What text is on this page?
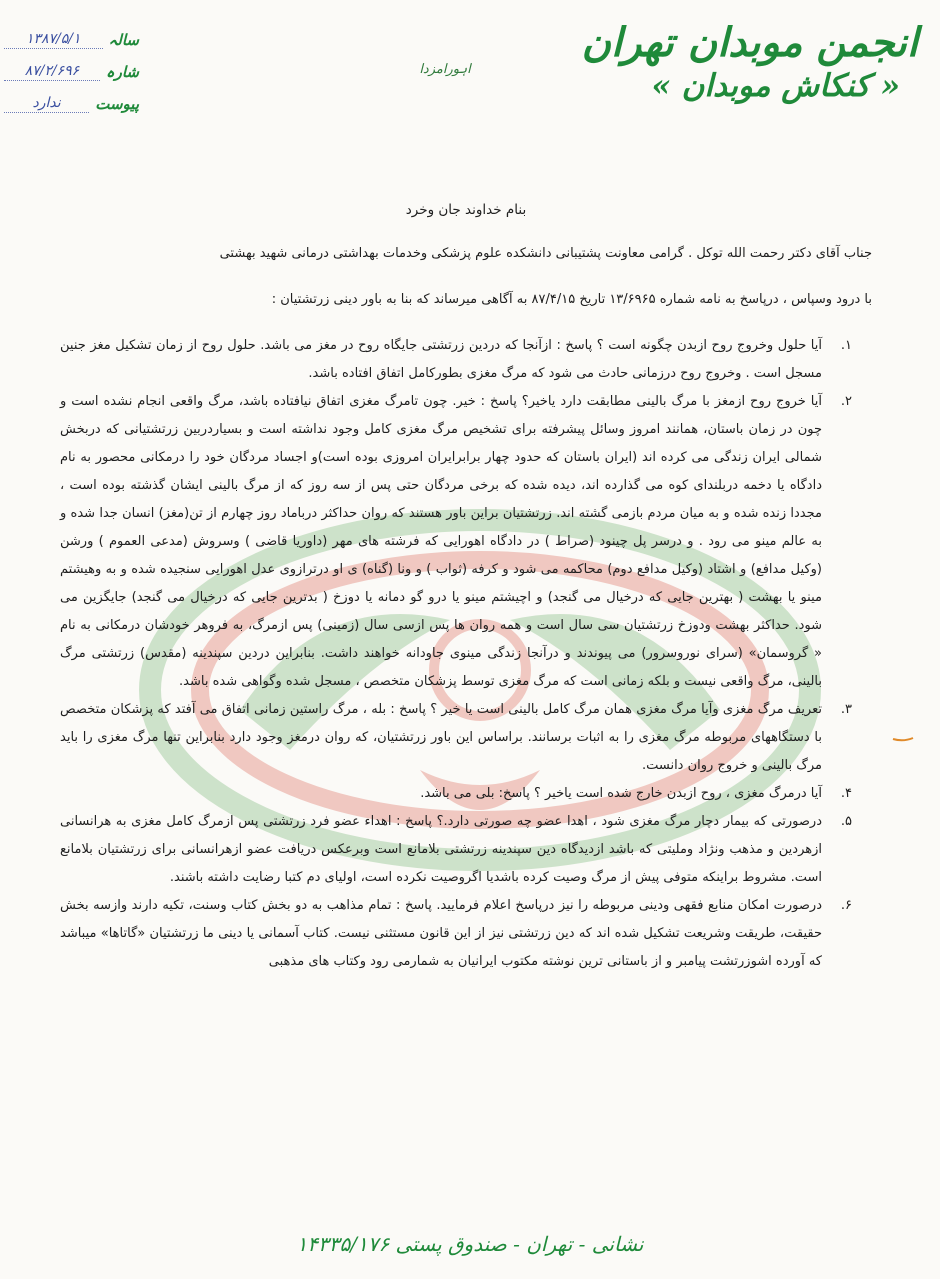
انجمن موبدان تهران
« کنکاش موبدان »
اہورامزدا
سالہ
۱۳۸۷/۵/۱
شارہ
۸۷/۲/۶۹۶
پیوست
ندارد
بنام خداوند جان وخرد
جناب آقای دکتر رحمت الله توکل . گرامی معاونت پشتیبانی دانشکده علوم پزشکی وخدمات بهداشتی درمانی شهید بهشتی
با درود وسپاس ، درپاسخ به نامه شماره ۱۳/۶۹۶۵ تاریخ ۸۷/۴/۱۵ به آگاهی میرساند که بنا به باور دینی زرتشتیان :
۱.
آیا حلول وخروج روح ازبدن چگونه است ؟ پاسخ : ازآنجا که دردین زرتشتی جایگاه روح در مغز می باشد. حلول روح از زمان تشکیل مغز جنین مسجل است . وخروج روح درزمانی حادث می شود که مرگ مغزی بطورکامل اتفاق افتاده باشد.
۲.
آیا خروج روح ازمغز با مرگ بالینی مطابقت دارد یاخیر؟ پاسخ : خیر. چون تامرگ مغزی اتفاق نیافتاده باشد، مرگ واقعی انجام نشده است و چون در زمان باستان، همانند امروز وسائل پیشرفته برای تشخیص مرگ مغزی کامل وجود نداشته است و بسیاردربین زرتشتیانی که دربخش شمالی ایران زندگی می کرده اند (ایران باستان که حدود چهار برابرایران امروزی بوده است)و اجساد مردگان خود را درمکانی محصور به نام دادگاه یا دخمه دربلندای کوه می گذارده اند، دیده شده که برخی مردگان حتی پس از سه روز که از مرگ بالینی ایشان گذشته بوده است ، مجددا زنده شده و به میان مردم بازمی گشته اند. زرتشتیان براین باور هستند که روان حداکثر درباماد روز چهارم از تن(مغز) انسان جدا شده و به عالم مینو می رود . و درسر پل چینود (صراط ) در دادگاه اهورایی که فرشته های مهر (داوریا قاضی ) وسروش (مدعی العموم ) ورشن (وکیل مدافع) و اشتاد (وکیل مدافع دوم) محاکمه می شود و کرفه (ثواب ) و ونا (گناه) ی او درترازوی عدل اهورایی سنجیده شده و به وهیشتم مینو یا بهشت ( بهترین جایی که درخیال می گنجد) و اچیشتم مینو یا درو گو دمانه یا دوزخ ( بدترین جایی که درخیال می گنجد) جایگزین می شود. حداکثر بهشت ودوزخ زرتشتیان سی سال است و همه روان ها پس ازسی سال (زمینی) پس ازمرگ، به فروهر خودشان درمکانی به نام « گروسمان» (سرای نوروسرور) می پیوندند و درآنجا زندگی مینوی جاودانه خواهند داشت. بنابراین دردین سپندینه (مقدس) زرتشتی مرگ بالینی، مرگ واقعی نیست و بلکه زمانی است که مرگ مغزی توسط پزشکان متخصص ، مسجل شده وگواهی شده باشد.
۳.
تعریف مرگ مغزی وآیا مرگ مغزی همان مرگ کامل بالینی است یا خیر ؟ پاسخ : بله ، مرگ راستین زمانی اتفاق می آفتد که پزشکان متخصص با دستگاههای مربوطه مرگ مغزی را به اثبات برسانند. براساس این باور زرتشتیان، که روان درمغز وجود دارد بنابراین تنها مرگ مغزی را باید مرگ بالینی و خروج روان دانست.
۴.
آیا درمرگ مغزی ، روح ازبدن خارج شده است یاخیر ؟ پاسخ: بلی می باشد.
۵.
درصورتی که بیمار دچار مرگ مغزی شود ، اهدا عضو چه صورتی دارد.؟ پاسخ : اهداء عضو فرد زرتشتی پس ازمرگ کامل مغزی به هرانسانی ازهردین و مذهب ونژاد وملیتی که باشد ازدیدگاه دین سپندینه زرتشتی بلامانع است وبرعکس دریافت عضو ازهرانسانی برای زرتشتیان بلامانع است. مشروط براینکه متوفی پیش از مرگ وصیت کرده باشدیا اگروصیت نکرده است، اولیای دم کتبا رضایت داشته باشند.
۶.
درصورت امکان منابع فقهی ودینی مربوطه را نیز درپاسخ اعلام فرمایید. پاسخ : تمام مذاهب به دو بخش کتاب وسنت، تکیه دارند وازسه بخش حقیقت، طریقت وشریعت تشکیل شده اند که دین زرتشتی نیز از این قانون مستثنی نیست. کتاب آسمانی یا دینی ما زرتشتیان «گاتاها» میباشد که آورده اشوزرتشت پیامبر و از باستانی ترین نوشته مکتوب ایرانیان به شمارمی رود وکتاب های مذهبی
نشانی - تهران - صندوق پستی ۱۴۳۳۵/۱۷۶
